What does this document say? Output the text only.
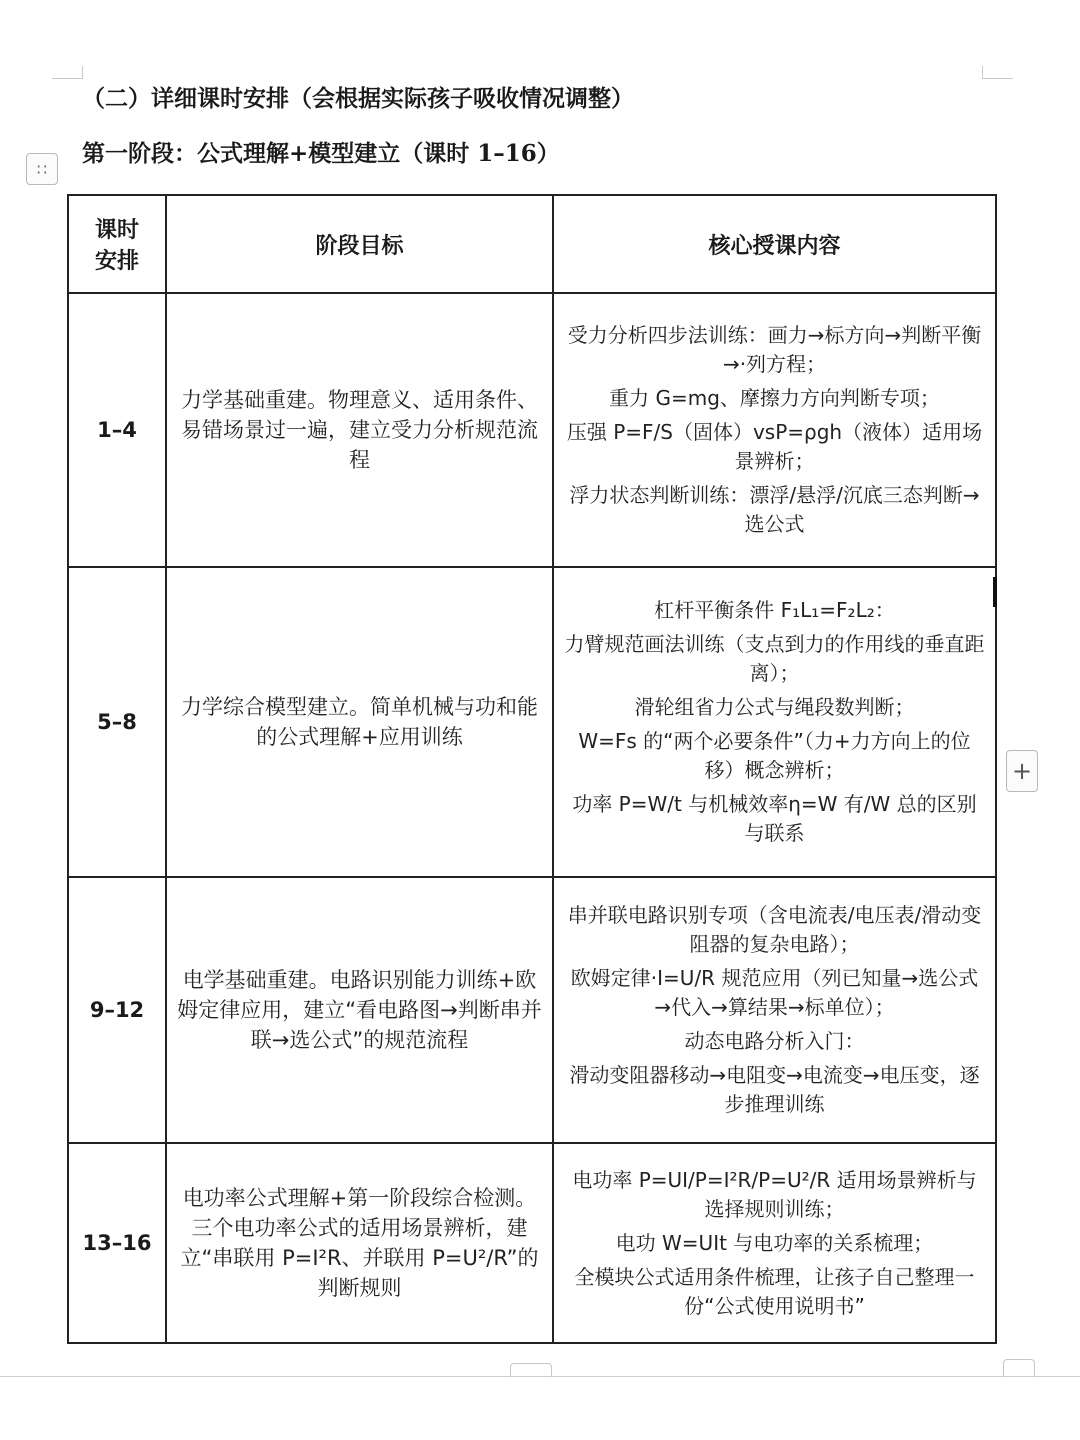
（二）详细课时安排（会根据实际孩子吸收情况调整）
第一阶段：公式理解+模型建立（课时 1–16）
∷
课时安排	阶段目标	核心授课内容
1–4	力学基础重建。物理意义、适用条件、易错场景过一遍，建立受力分析规范流程	受力分析四步法训练：画力→标方向→判断平衡→·列方程；
重力 G=mg、摩擦力方向判断专项；
压强 P=F/S（固体）vsP=ρgh（液体）适用场景辨析；
浮力状态判断训练：漂浮/悬浮/沉底三态判断→选公式

5–8	力学综合模型建立。简单机械与功和能的公式理解+应用训练	杠杆平衡条件 F₁L₁=F₂L₂：
力臂规范画法训练（支点到力的作用线的垂直距离）；
滑轮组省力公式与绳段数判断；
W=Fs 的“两个必要条件”（力+力方向上的位移）概念辨析；
功率 P=W/t 与机械效率η=W 有/W 总的区别与联系

9–12	电学基础重建。电路识别能力训练+欧姆定律应用，建立“看电路图→判断串并联→选公式”的规范流程	串并联电路识别专项（含电流表/电压表/滑动变阻器的复杂电路）；
欧姆定律·I=U/R 规范应用（列已知量→选公式→代入→算结果→标单位）；
动态电路分析入门：
滑动变阻器移动→电阻变→电流变→电压变，逐步推理训练

13–16	电功率公式理解+第一阶段综合检测。三个电功率公式的适用场景辨析，建立“串联用 P=I²R、并联用 P=U²/R”的判断规则	电功率 P=UI/P=I²R/P=U²/R 适用场景辨析与选择规则训练；
电功 W=UIt 与电功率的关系梳理；
全模块公式适用条件梳理，让孩子自己整理一份“公式使用说明书”
+
